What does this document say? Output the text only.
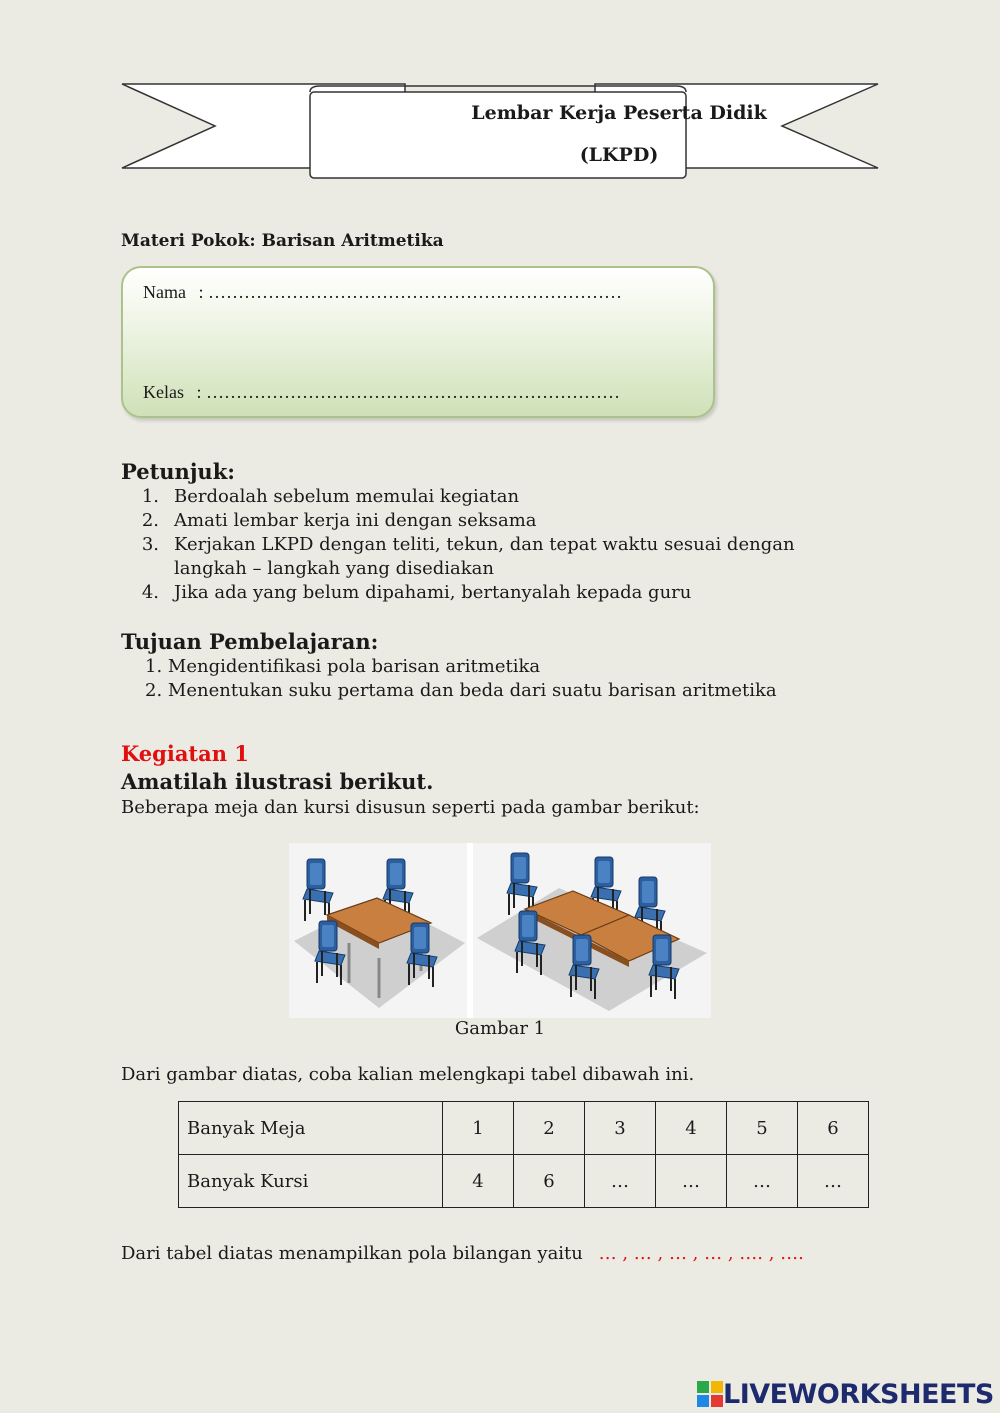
Lembar Kerja Peserta Didik
(LKPD)
Materi Pokok: Barisan Aritmetika
Nama : ……………………………………………………………
Kelas : ……………………………………………………………
Petunjuk:
1. Berdoalah sebelum memulai kegiatan
2. Amati lembar kerja ini dengan seksama
3. Kerjakan LKPD dengan teliti, tekun, dan tepat waktu sesuai dengan
langkah – langkah yang disediakan
4. Jika ada yang belum dipahami, bertanyalah kepada guru
Tujuan Pembelajaran:
1. Mengidentifikasi pola barisan aritmetika
2. Menentukan suku pertama dan beda dari suatu barisan aritmetika
Kegiatan 1
Amatilah ilustrasi berikut.
Beberapa meja dan kursi disusun seperti pada gambar berikut:
Gambar 1
Dari gambar diatas, coba kalian melengkapi tabel dibawah ini.
Banyak Meja	1	2	3	4	5	6
Banyak Kursi	4	6	…	…	…	…
Dari tabel diatas menampilkan pola bilangan yaitu … , … , … , … , …. , ….
LIVEWORKSHEETS
